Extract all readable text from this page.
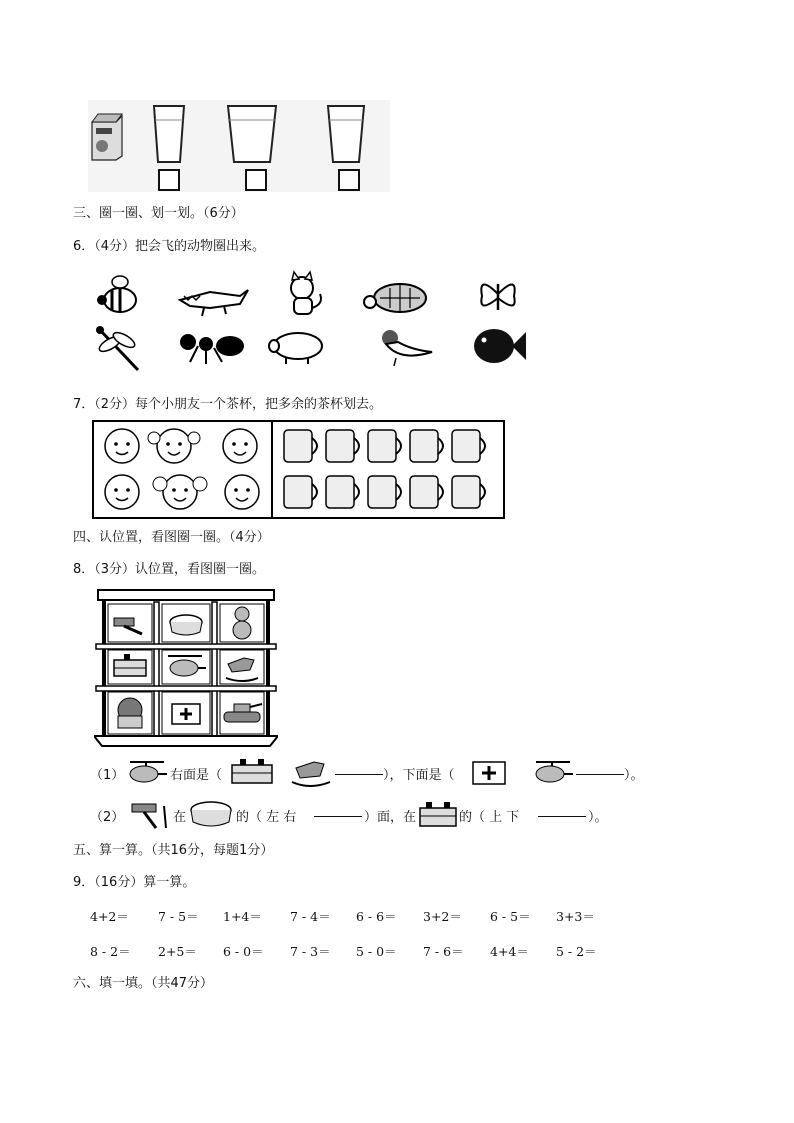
三、圈一圈、划一划。（6分）
6．（4分）把会飞的动物圈出来。
7．（2分）每个小朋友一个茶杯，把多余的茶杯划去。
四、认位置，看图圈一圈。（4分）
8．（3分）认位置，看图圈一圈。
（1）	右面是（	），下面是（	）。
（2）	在	的（ 左 右	）面，在	的（ 上 下	）。
五、算一算。（共16分，每题1分）
9．（16分）算一算。
4+2＝ 7 - 5＝ 1+4＝ 7 - 4＝ 6 - 6＝ 3+2＝ 6 - 5＝ 3+3＝
8 - 2＝ 2+5＝ 6 - 0＝ 7 - 3＝ 5 - 0＝ 7 - 6＝ 4+4＝ 5 - 2＝
六、填一填。（共47分）
